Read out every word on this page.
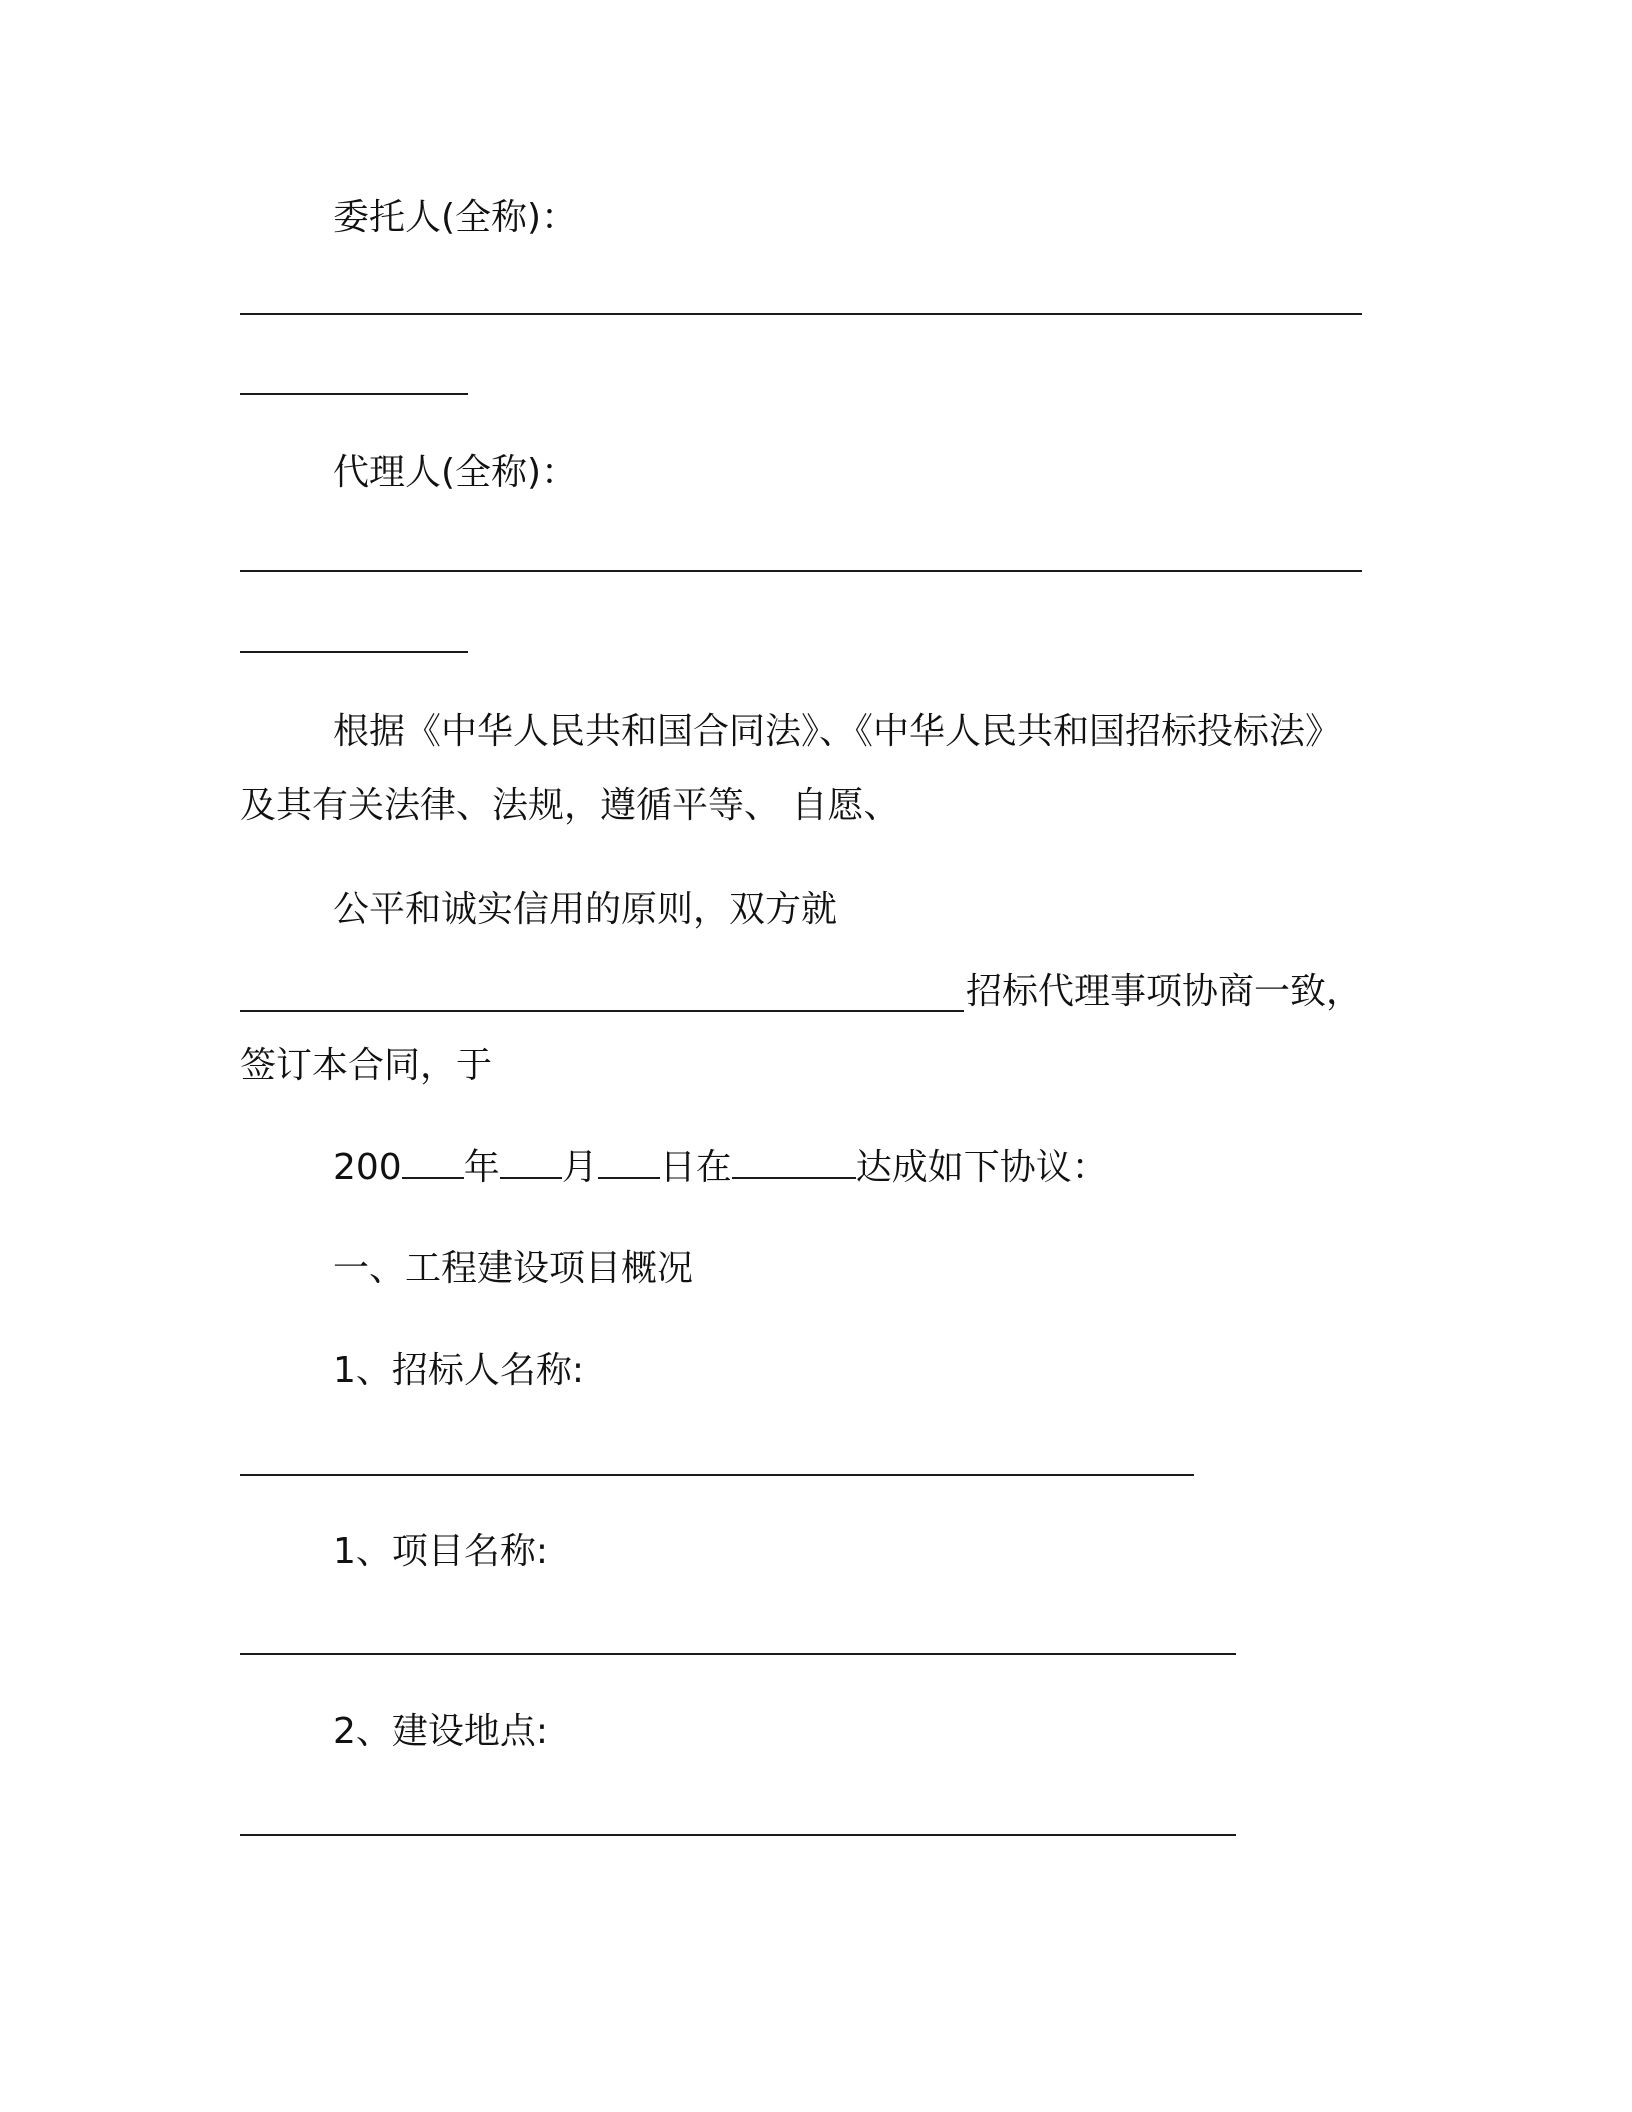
委托人(全称)：
代理人(全称)：
根据《中华人民共和国合同法》、《中华人民共和国招标投标法》
及其有关法律、法规，遵循平等、 自愿、
公平和诚实信用的原则，双方就
招标代理事项协商一致，
签订本合同，于
200 年 月 日在	达成如下协议：
一、工程建设项目概况
1、招标人名称:
1、项目名称:
2、建设地点:
